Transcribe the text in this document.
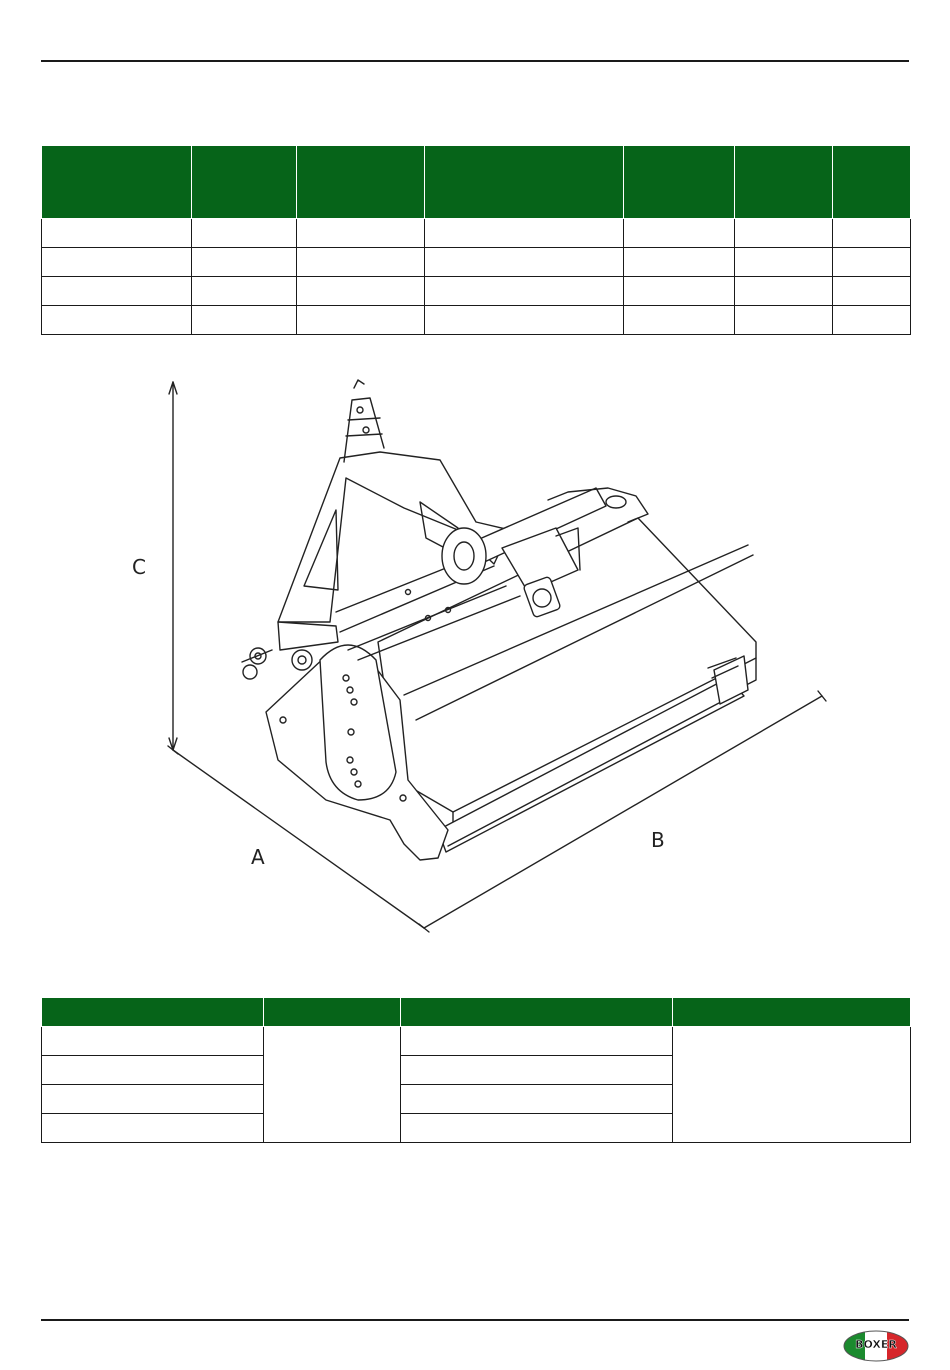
C
A
B

BOXER
